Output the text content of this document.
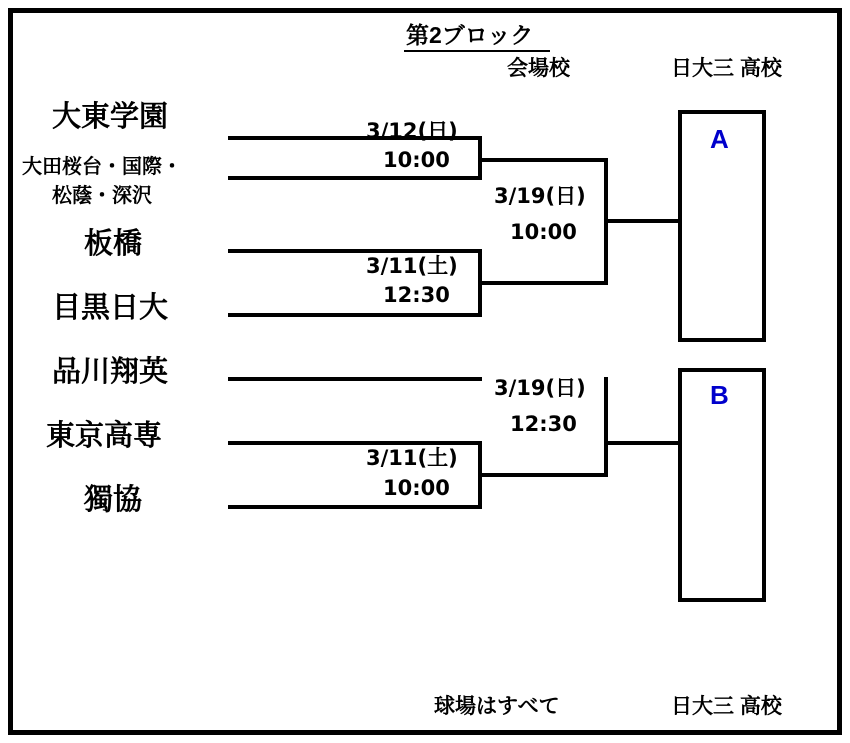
第2ブロック
会場校	日大三 高校
大東学園
大田桜台・国際・
松蔭・深沢
板橋
目黒日大
品川翔英
東京高専
獨協
3/12(日)
10:00
3/11(土)
12:30
3/19(日)
10:00
3/19(日)
12:30
3/11(土)
10:00
A
B
球場はすべて	日大三 高校
